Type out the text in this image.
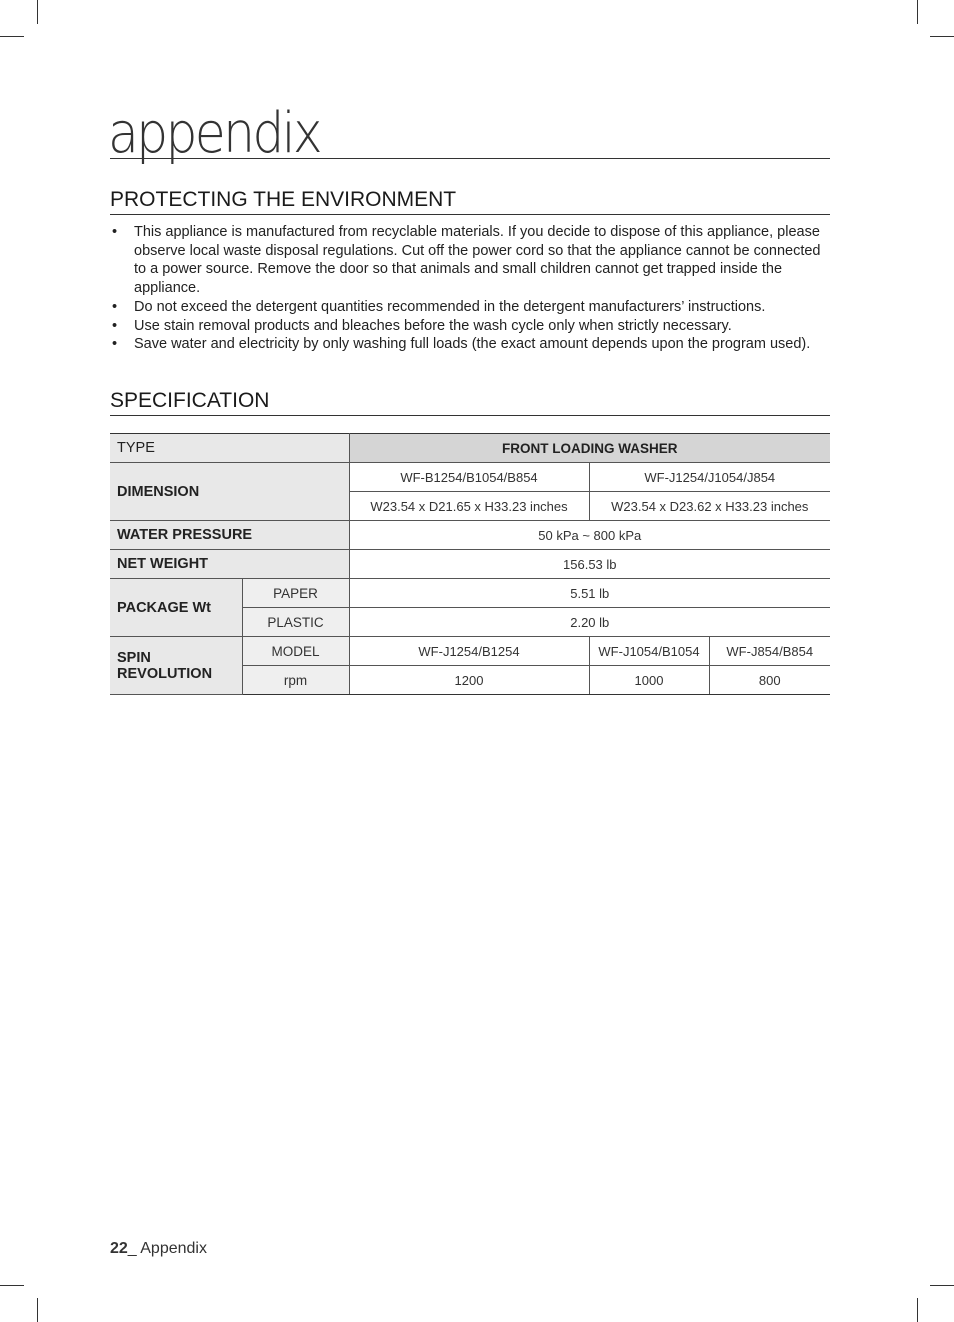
appendix
PROTECTING THE ENVIRONMENT
• This appliance is manufactured from recyclable materials. If you decide to dispose of this appliance, please observe local waste disposal regulations. Cut off the power cord so that the appliance cannot be connected to a power source. Remove the door so that animals and small children cannot get trapped inside the appliance.
• Do not exceed the detergent quantities recommended in the detergent manufacturers’ instructions.
• Use stain removal products and bleaches before the wash cycle only when strictly necessary.
• Save water and electricity by only washing full loads (the exact amount depends upon the program used).
SPECIFICATION
TYPE		FRONT LOADING WASHER		
DIMENSION		WF-B1254/B1054/B854	WF-J1254/J1054/J854	
		W23.54 x D21.65 x H33.23 inches	W23.54 x D23.62 x H33.23 inches	
WATER PRESSURE		50 kPa ~ 800 kPa		
NET WEIGHT		156.53 lb		
PACKAGE Wt	PAPER	5.51 lb		
	PLASTIC	2.20 lb		
SPIN
REVOLUTION	MODEL	WF-J1254/B1254	WF-J1054/B1054	WF-J854/B854
	rpm	1200	1000	800
22_ Appendix
